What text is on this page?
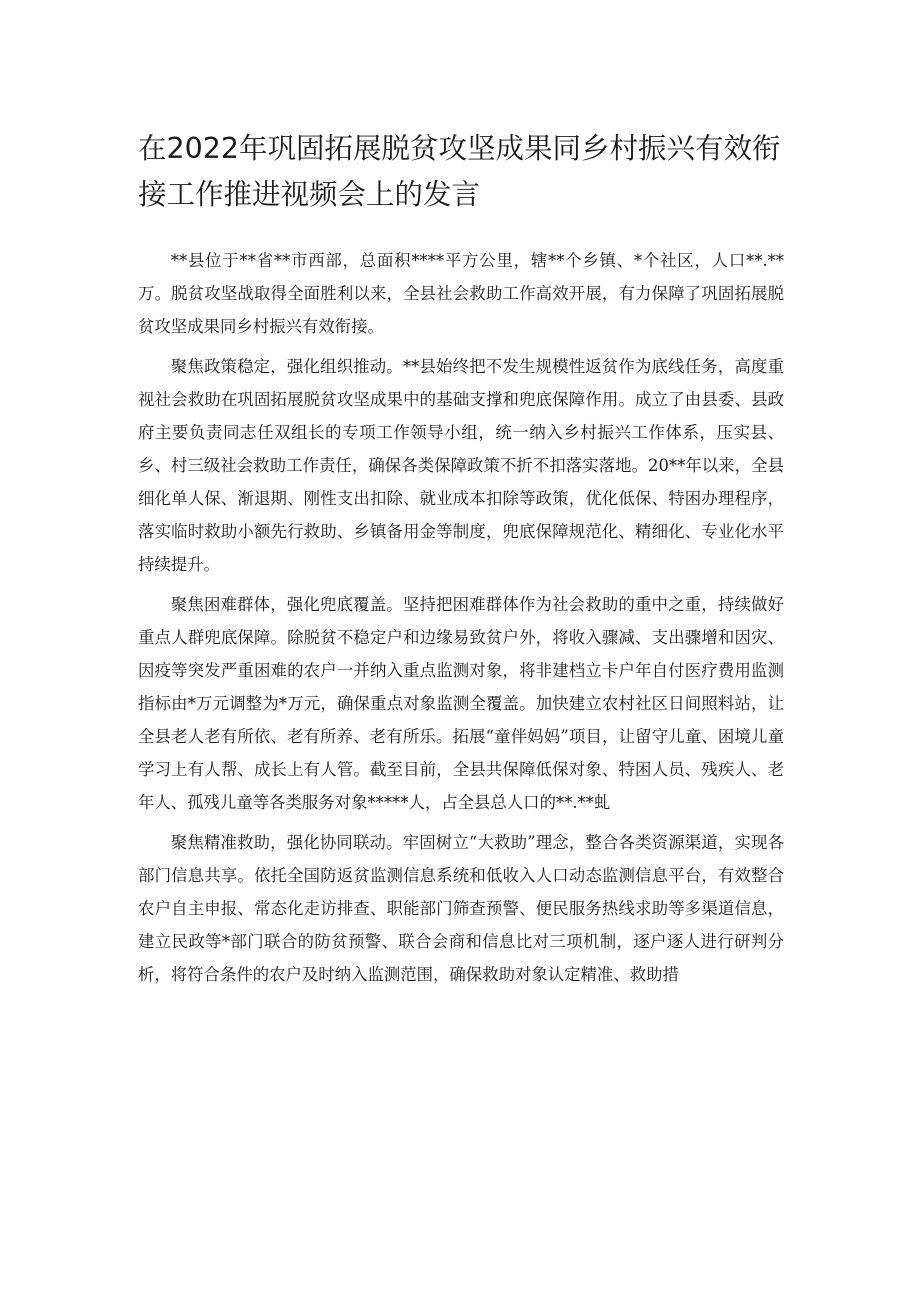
在2022年巩固拓展脱贫攻坚成果同乡村振兴有效衔接工作推进视频会上的发言

**县位于**省**市西部，总面积****平方公里，辖**个乡镇、*个社区，人口**.**万。脱贫攻坚战取得全面胜利以来，全县社会救助工作高效开展，有力保障了巩固拓展脱贫攻坚成果同乡村振兴有效衔接。

聚焦政策稳定，强化组织推动。**县始终把不发生规模性返贫作为底线任务，高度重视社会救助在巩固拓展脱贫攻坚成果中的基础支撑和兜底保障作用。成立了由县委、县政府主要负责同志任双组长的专项工作领导小组，统一纳入乡村振兴工作体系，压实县、乡、村三级社会救助工作责任，确保各类保障政策不折不扣落实落地。20**年以来，全县细化单人保、渐退期、刚性支出扣除、就业成本扣除等政策，优化低保、特困办理程序，落实临时救助小额先行救助、乡镇备用金等制度，兜底保障规范化、精细化、专业化水平持续提升。

聚焦困难群体，强化兜底覆盖。坚持把困难群体作为社会救助的重中之重，持续做好重点人群兜底保障。除脱贫不稳定户和边缘易致贫户外，将收入骤减、支出骤增和因灾、因疫等突发严重困难的农户一并纳入重点监测对象，将非建档立卡户年自付医疗费用监测指标由*万元调整为*万元，确保重点对象监测全覆盖。加快建立农村社区日间照料站，让全县老人老有所依、老有所养、老有所乐。拓展“童伴妈妈”项目，让留守儿童、困境儿童学习上有人帮、成长上有人管。截至目前，全县共保障低保对象、特困人员、残疾人、老年人、孤残儿童等各类服务对象*****人，占全县总人口的**.**虬

聚焦精准救助，强化协同联动。牢固树立“大救助”理念，整合各类资源渠道，实现各部门信息共享。依托全国防返贫监测信息系统和低收入人口动态监测信息平台，有效整合农户自主申报、常态化走访排查、职能部门筛查预警、便民服务热线求助等多渠道信息，建立民政等*部门联合的防贫预警、联合会商和信息比对三项机制，逐户逐人进行研判分析，将符合条件的农户及时纳入监测范围，确保救助对象认定精准、救助措
